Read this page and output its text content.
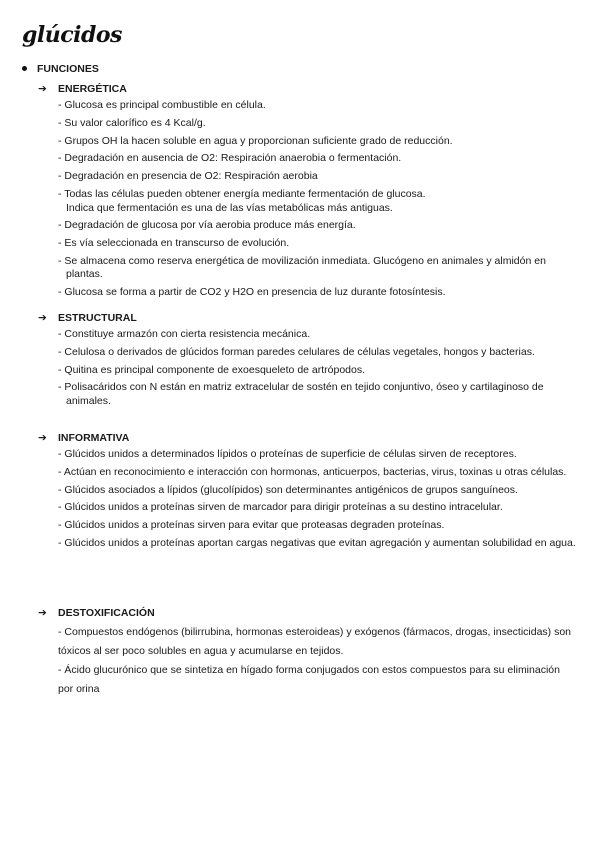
glúcidos
FUNCIONES
➔ ENERGÉTICA
- Glucosa es principal combustible en célula.
- Su valor calorífico es 4 Kcal/g.
- Grupos OH la hacen soluble en agua y proporcionan suficiente grado de reducción.
- Degradación en ausencia de O2: Respiración anaerobia o fermentación.
- Degradación en presencia de O2: Respiración aerobia
- Todas las células pueden obtener energía mediante fermentación de glucosa.
Indica que fermentación es una de las vías metabólicas más antiguas.
- Degradación de glucosa por vía aerobia produce más energía.
- Es vía seleccionada en transcurso de evolución.
- Se almacena como reserva energética de movilización inmediata. Glucógeno en animales y almidón en plantas.
- Glucosa se forma a partir de CO2 y H2O en presencia de luz durante fotosíntesis.
➔ ESTRUCTURAL
- Constituye armazón con cierta resistencia mecánica.
- Celulosa o derivados de glúcidos forman paredes celulares de células vegetales, hongos y bacterias.
- Quitina es principal componente de exoesqueleto de artrópodos.
- Polisacáridos con N están en matriz extracelular de sostén en tejido conjuntivo, óseo y cartilaginoso de animales.
➔ INFORMATIVA
- Glúcidos unidos a determinados lípidos o proteínas de superficie de células sirven de receptores.
- Actúan en reconocimiento e interacción con hormonas, anticuerpos, bacterias, virus, toxinas u otras células.
- Glúcidos asociados a lípidos (glucolípidos) son determinantes antigénicos de grupos sanguíneos.
- Glúcidos unidos a proteínas sirven de marcador para dirigir proteínas a su destino intracelular.
- Glúcidos unidos a proteínas sirven para evitar que proteasas degraden proteínas.
- Glúcidos unidos a proteínas aportan cargas negativas que evitan agregación y aumentan solubilidad en agua.
➔ DESTOXIFICACIÓN

- Compuestos endógenos (bilirrubina, hormonas esteroideas) y exógenos (fármacos, drogas, insecticidas) son tóxicos al ser poco solubles en agua y acumularse en tejidos.

- Ácido glucurónico que se sintetiza en hígado forma conjugados con estos compuestos para su eliminación por orina
